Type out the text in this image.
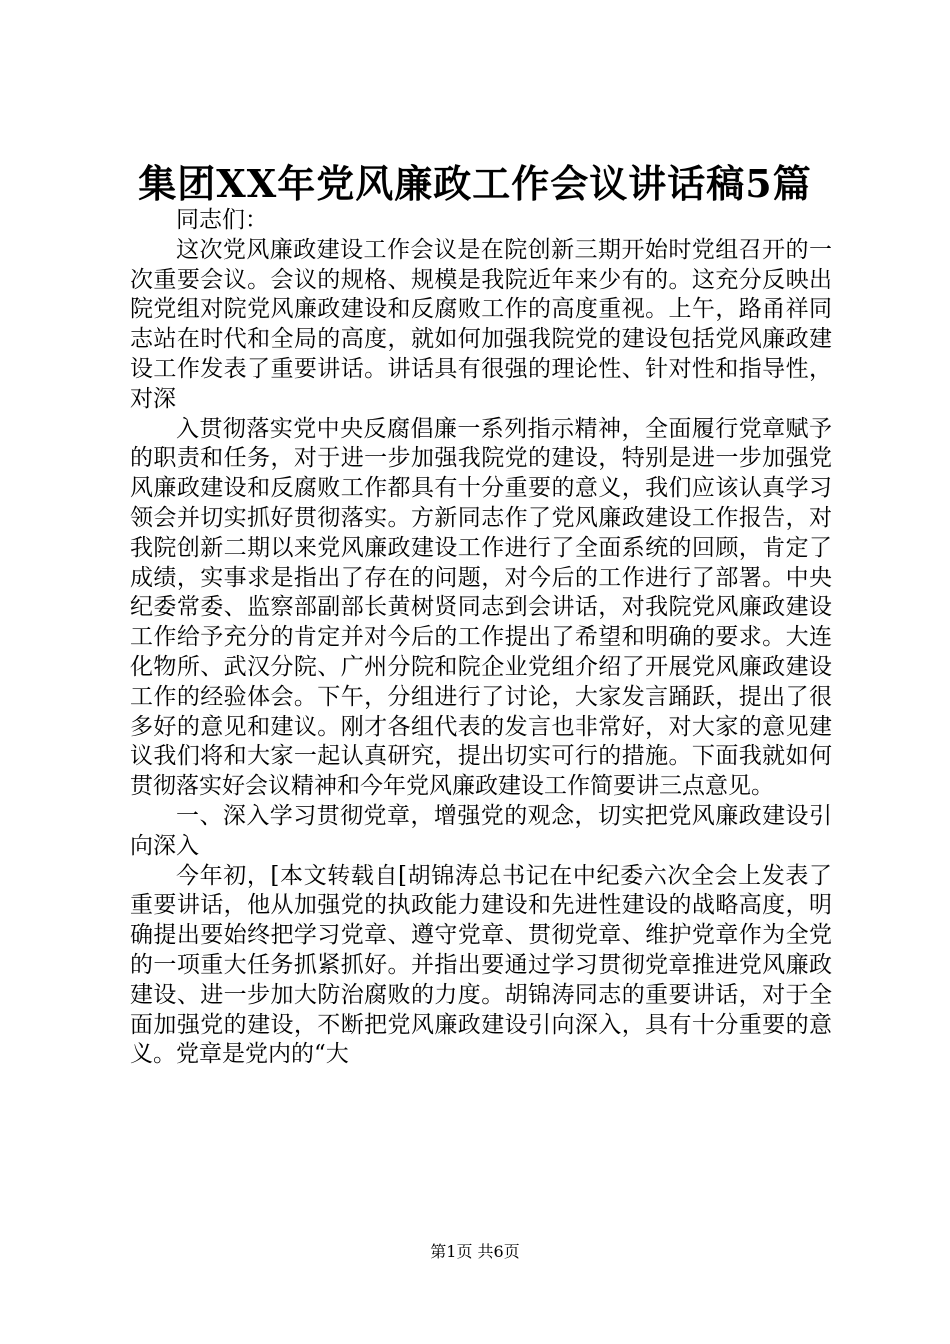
集团XX年党风廉政工作会议讲话稿5篇

同志们：

这次党风廉政建设工作会议是在院创新三期开始时党组召开的一次重要会议。会议的规格、规模是我院近年来少有的。这充分反映出院党组对院党风廉政建设和反腐败工作的高度重视。上午，路甬祥同志站在时代和全局的高度，就如何加强我院党的建设包括党风廉政建设工作发表了重要讲话。讲话具有很强的理论性、针对性和指导性，对深

入贯彻落实党中央反腐倡廉一系列指示精神，全面履行党章赋予的职责和任务，对于进一步加强我院党的建设，特别是进一步加强党风廉政建设和反腐败工作都具有十分重要的意义，我们应该认真学习领会并切实抓好贯彻落实。方新同志作了党风廉政建设工作报告，对我院创新二期以来党风廉政建设工作进行了全面系统的回顾，肯定了成绩，实事求是指出了存在的问题，对今后的工作进行了部署。中央纪委常委、监察部副部长黄树贤同志到会讲话，对我院党风廉政建设工作给予充分的肯定并对今后的工作提出了希望和明确的要求。大连化物所、武汉分院、广州分院和院企业党组介绍了开展党风廉政建设工作的经验体会。下午，分组进行了讨论，大家发言踊跃，提出了很多好的意见和建议。刚才各组代表的发言也非常好，对大家的意见建议我们将和大家一起认真研究，提出切实可行的措施。下面我就如何贯彻落实好会议精神和今年党风廉政建设工作简要讲三点意见。

一、深入学习贯彻党章，增强党的观念，切实把党风廉政建设引向深入

今年初，[本文转载自[胡锦涛总书记在中纪委六次全会上发表了重要讲话，他从加强党的执政能力建设和先进性建设的战略高度，明确提出要始终把学习党章、遵守党章、贯彻党章、维护党章作为全党的一项重大任务抓紧抓好。并指出要通过学习贯彻党章推进党风廉政建设、进一步加大防治腐败的力度。胡锦涛同志的重要讲话，对于全面加强党的建设，不断把党风廉政建设引向深入，具有十分重要的意义。党章是党内的“大

第1页 共6页
